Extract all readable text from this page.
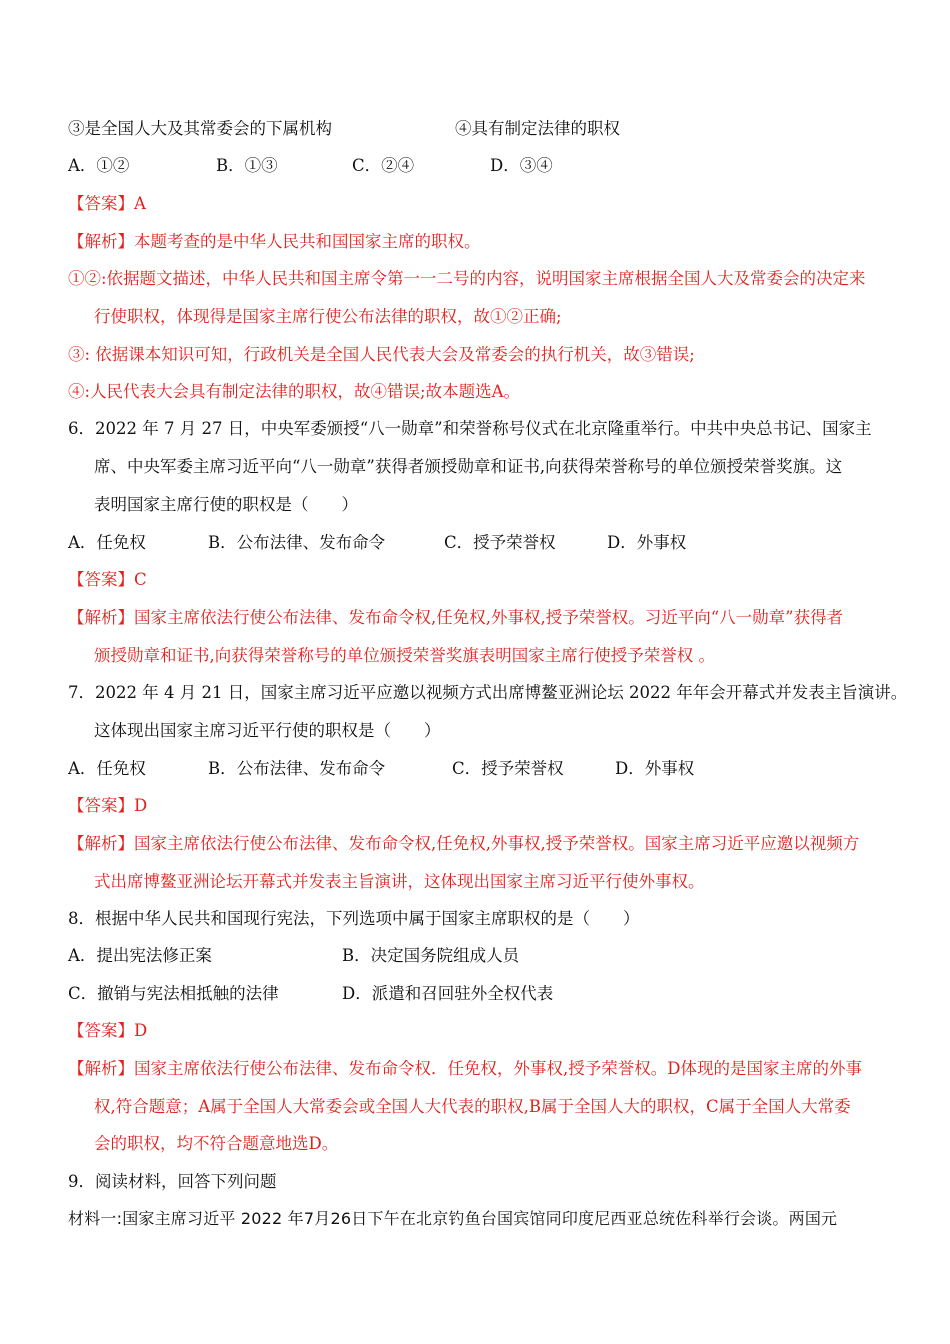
③是全国人大及其常委会的下属机构	④具有制定法律的职权
A．①②	B．①③	C．②④	D．③④
【答案】A
【解析】本题考查的是中华人民共和国国家主席的职权。
①②:依据题文描述，中华人民共和国主席令第一一二号的内容，说明国家主席根据全国人大及常委会的决定来
行使职权，体现得是国家主席行使公布法律的职权，故①②正确;
③: 依据课本知识可知，行政机关是全国人民代表大会及常委会的执行机关，故③错误;
④:人民代表大会具有制定法律的职权，故④错误;故本题选A。
6．2022 年 7 月 27 日，中央军委颁授“八一勋章”和荣誉称号仪式在北京隆重举行。中共中央总书记、国家主
席、中央军委主席习近平向“八一勋章”获得者颁授勋章和证书,向获得荣誉称号的单位颁授荣誉奖旗。这
表明国家主席行使的职权是（　　）
A．任免权	B．公布法律、发布命令	C．授予荣誉权	D．外事权
【答案】C
【解析】国家主席依法行使公布法律、发布命令权,任免权,外事权,授予荣誉权。习近平向“八一勋章”获得者
颁授勋章和证书,向获得荣誉称号的单位颁授荣誉奖旗表明国家主席行使授予荣誉权 。
7．2022 年 4 月 21 日，国家主席习近平应邀以视频方式出席博鳌亚洲论坛 2022 年年会开幕式并发表主旨演讲。
这体现出国家主席习近平行使的职权是（　　）
A．任免权	B．公布法律、发布命令	C．授予荣誉权	D．外事权
【答案】D
【解析】国家主席依法行使公布法律、发布命令权,任免权,外事权,授予荣誉权。国家主席习近平应邀以视频方
式出席博鳌亚洲论坛开幕式并发表主旨演讲，这体现出国家主席习近平行使外事权。
8．根据中华人民共和国现行宪法，下列选项中属于国家主席职权的是（　　）
A．提出宪法修正案	B．决定国务院组成人员
C．撤销与宪法相抵触的法律	D．派遣和召回驻外全权代表
【答案】D
【解析】国家主席依法行使公布法律、发布命令权．任免权，外事权,授予荣誉权。D体现的是国家主席的外事
权,符合题意；A属于全国人大常委会或全国人大代表的职权,B属于全国人大的职权，C属于全国人大常委
会的职权，均不符合题意地选D。
9．阅读材料，回答下列问题
材料一:国家主席习近平 2022 年7月26日下午在北京钓鱼台国宾馆同印度尼西亚总统佐科举行会谈。两国元
